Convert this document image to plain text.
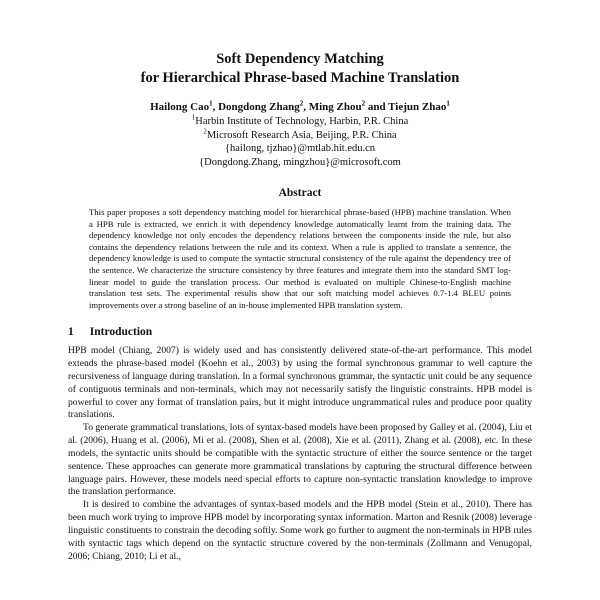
Soft Dependency Matching
for Hierarchical Phrase-based Machine Translation
Hailong Cao$^1$, Dongdong Zhang$^2$, Ming Zhou$^2$ and Tiejun Zhao$^1$
$^1$Harbin Institute of Technology, Harbin, P.R. China
$^2$Microsoft Research Asia, Beijing, P.R. China
{hailong, tjzhao}@mtlab.hit.edu.cn
{Dongdong.Zhang, mingzhou}@microsoft.com
Abstract

This paper proposes a soft dependency matching model for hierarchical phrase-based (HPB) machine translation. When a HPB rule is extracted, we enrich it with dependency knowledge automatically learnt from the training data. The dependency knowledge not only encodes the dependency relations between the components inside the rule, but also contains the dependency relations between the rule and its context. When a rule is applied to translate a sentence, the dependency knowledge is used to compute the syntactic structural consistency of the rule against the dependency tree of the sentence. We characterize the structure consistency by three features and integrate them into the standard SMT log-linear model to guide the translation process. Our method is evaluated on multiple Chinese-to-English machine translation test sets. The experimental results show that our soft matching model achieves 0.7-1.4 BLEU points improvements over a strong baseline of an in-house implemented HPB translation system.

1 Introduction

HPB model (Chiang, 2007) is widely used and has consistently delivered state-of-the-art performance. This model extends the phrase-based model (Koehn et al., 2003) by using the formal synchronous grammar to well capture the recursiveness of language during translation. In a formal synchronous grammar, the syntactic unit could be any sequence of contiguous terminals and non-terminals, which may not necessarily satisfy the linguistic constraints. HPB model is powerful to cover any format of translation pairs, but it might introduce ungrammatical rules and produce poor quality translations.

To generate grammatical translations, lots of syntax-based models have been proposed by Galley et al. (2004), Liu et al. (2006), Huang et al. (2006), Mi et al. (2008), Shen et al. (2008), Xie et al. (2011), Zhang et al. (2008), etc. In these models, the syntactic units should be compatible with the syntactic structure of either the source sentence or the target sentence. These approaches can generate more grammatical translations by capturing the structural difference between language pairs. However, these models need special efforts to capture non-syntactic translation knowledge to improve the translation performance.

It is desired to combine the advantages of syntax-based models and the HPB model (Stein et al., 2010). There has been much work trying to improve HPB model by incorporating syntax information. Marton and Resnik (2008) leverage linguistic constituents to constrain the decoding softly. Some work go further to augment the non-terminals in HPB rules with syntactic tags which depend on the syntactic structure covered by the non-terminals (Zollmann and Venugopal, 2006; Chiang, 2010; Li et al.,
